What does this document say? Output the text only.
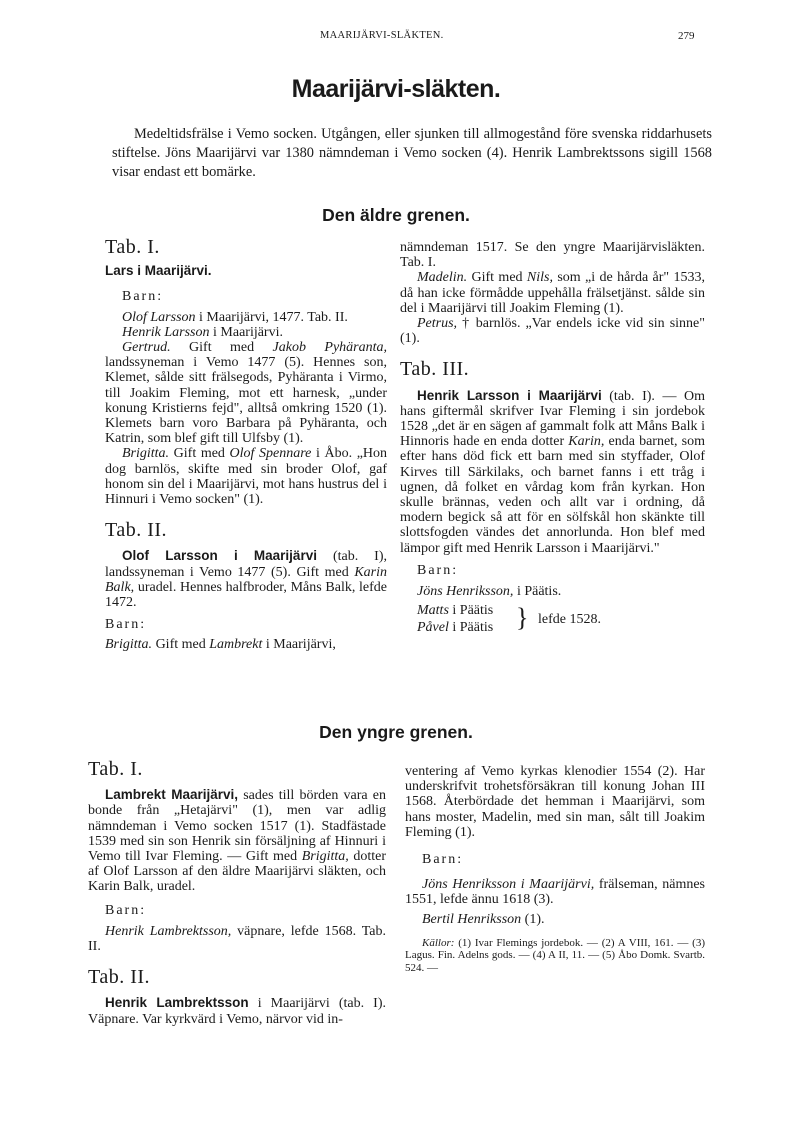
MAARIJÄRVI-SLÄKTEN.	279
Maarijärvi-släkten.

Medeltidsfrälse i Vemo socken. Utgången, eller sjunken till allmogestånd före svenska riddarhusets stiftelse. Jöns Maarijärvi var 1380 nämndeman i Vemo socken (4). Henrik Lambrektssons sigill 1568 visar endast ett bomärke.

Den äldre grenen.

Tab. I.

Lars i Maarijärvi.

Barn:

Olof Larsson i Maarijärvi, 1477. Tab. II.

Henrik Larsson i Maarijärvi.

Gertrud. Gift med Jakob Pyhäranta, landssyneman i Vemo 1477 (5). Hennes son, Klemet, sålde sitt frälsegods, Pyhäranta i Virmo, till Joakim Fleming, mot ett harnesk, „under konung Kristierns fejd", alltså omkring 1520 (1). Klemets barn voro Barbara på Pyhäranta, och Katrin, som blef gift till Ulfsby (1).

Brigitta. Gift med Olof Spennare i Åbo. „Hon dog barnlös, skifte med sin broder Olof, gaf honom sin del i Maarijärvi, mot hans hustrus del i Hinnuri i Vemo socken" (1).

Tab. II.

Olof Larsson i Maarijärvi (tab. I), landssyneman i Vemo 1477 (5). Gift med Karin Balk, uradel. Hennes halfbroder, Måns Balk, lefde 1472.

Barn:

Brigitta. Gift med Lambrekt i Maarijärvi,

nämndeman 1517. Se den yngre Maarijärvisläkten. Tab. I.

Madelin. Gift med Nils, som „i de hårda år" 1533, då han icke förmådde uppehålla frälsetjänst. sålde sin del i Maarijärvi till Joakim Fleming (1).

Petrus, † barnlös. „Var endels icke vid sin sinne" (1).

Tab. III.

Henrik Larsson i Maarijärvi (tab. I). — Om hans giftermål skrifver Ivar Fleming i sin jordebok 1528 „det är en sägen af gammalt folk att Måns Balk i Hinnoris hade en enda dotter Karin, enda barnet, som efter hans död fick ett barn med sin styffader, Olof Kirves till Särkilaks, och barnet fanns i ett tråg i ugnen, då folket en vårdag kom från kyrkan. Hon skulle brännas, veden och allt var i ordning, då modern begick så att för en sölfskål hon skänkte till slottsfogden vändes det annorlunda. Hon blef med lämpor gift med Henrik Larsson i Maarijärvi."

Barn:

Jöns Henriksson, i Päätis.

Matts i Päätis

Påvel i Päätis } lefde 1528.
Den yngre grenen.

Tab. I.

Lambrekt Maarijärvi, sades till börden vara en bonde från „Hetajärvi" (1), men var adlig nämndeman i Vemo socken 1517 (1). Stadfästade 1539 med sin son Henrik sin försäljning af Hinnuri i Vemo till Ivar Fleming. — Gift med Brigitta, dotter af Olof Larsson af den äldre Maarijärvi släkten, och Karin Balk, uradel.

Barn:

Henrik Lambrektsson, väpnare, lefde 1568. Tab. II.

Tab. II.

Henrik Lambrektsson i Maarijärvi (tab. I). Väpnare. Var kyrkvärd i Vemo, närvor vid in-

ventering af Vemo kyrkas klenodier 1554 (2). Har underskrifvit trohetsförsäkran till konung Johan III 1568. Återbördade det hemman i Maarijärvi, som hans moster, Madelin, med sin man, sålt till Joakim Fleming (1).

Barn:

Jöns Henriksson i Maarijärvi, frälseman, nämnes 1551, lefde ännu 1618 (3).

Bertil Henriksson (1).

Källor: (1) Ivar Flemings jordebok. — (2) A VIII, 161. — (3) Lagus. Fin. Adelns gods. — (4) A II, 11. — (5) Åbo Domk. Svartb. 524. —
